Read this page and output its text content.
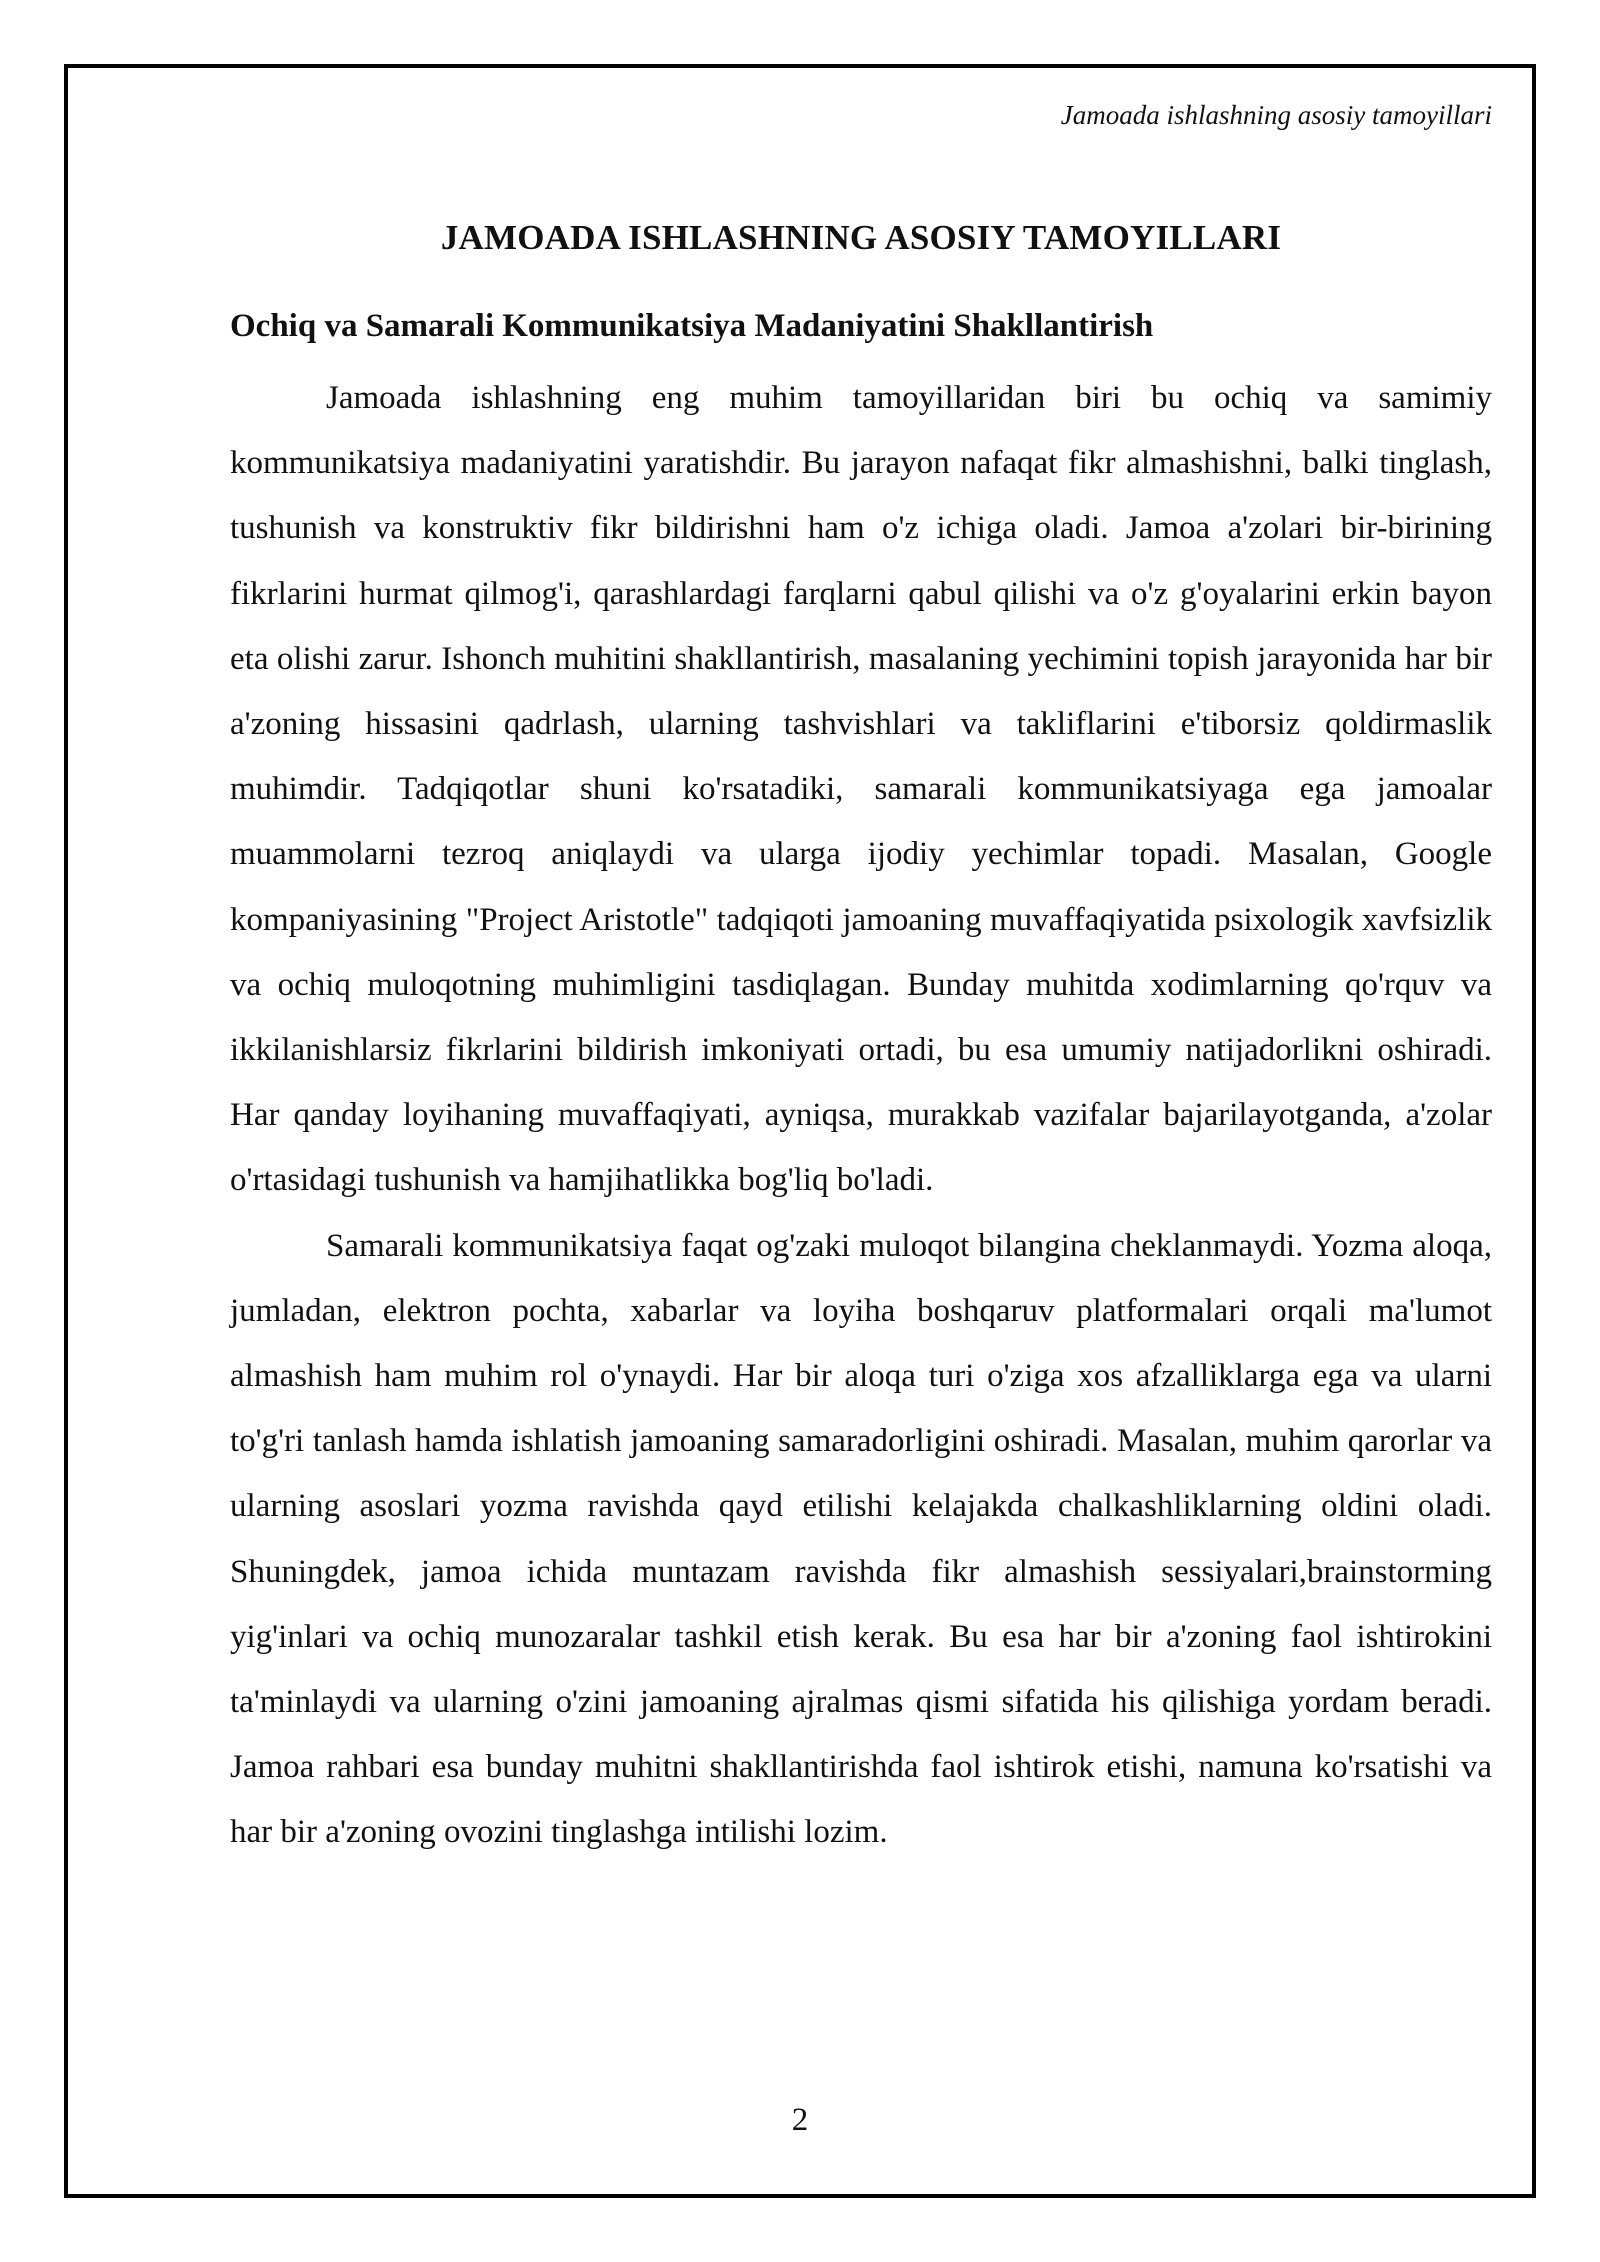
Jamoada ishlashning asosiy tamoyillari
JAMOADA ISHLASHNING ASOSIY TAMOYILLARI
Ochiq va Samarali Kommunikatsiya Madaniyatini Shakllantirish

Jamoada ishlashning eng muhim tamoyillaridan biri bu ochiq va samimiy kommunikatsiya madaniyatini yaratishdir. Bu jarayon nafaqat fikr almashishni, balki tinglash, tushunish va konstruktiv fikr bildirishni ham o'z ichiga oladi. Jamoa a'zolari bir-birining fikrlarini hurmat qilmog'i, qarashlardagi farqlarni qabul qilishi va o'z g'oyalarini erkin bayon eta olishi zarur. Ishonch muhitini shakllantirish, masalaning yechimini topish jarayonida har bir a'zoning hissasini qadrlash, ularning tashvishlari va takliflarini e'tiborsiz qoldirmaslik muhimdir. Tadqiqotlar shuni ko'rsatadiki, samarali kommunikatsiyaga ega jamoalar muammolarni tezroq aniqlaydi va ularga ijodiy yechimlar topadi. Masalan, Google kompaniyasining "Project Aristotle" tadqiqoti jamoaning muvaffaqiyatida psixologik xavfsizlik va ochiq muloqotning muhimligini tasdiqlagan. Bunday muhitda xodimlarning qo'rquv va ikkilanishlarsiz fikrlarini bildirish imkoniyati ortadi, bu esa umumiy natijadorlikni oshiradi. Har qanday loyihaning muvaffaqiyati, ayniqsa, murakkab vazifalar bajarilayotganda, a'zolar o'rtasidagi tushunish va hamjihatlikka bog'liq bo'ladi.

Samarali kommunikatsiya faqat og'zaki muloqot bilangina cheklanmaydi. Yozma aloqa, jumladan, elektron pochta, xabarlar va loyiha boshqaruv platformalari orqali ma'lumot almashish ham muhim rol o'ynaydi. Har bir aloqa turi o'ziga xos afzalliklarga ega va ularni to'g'ri tanlash hamda ishlatish jamoaning samaradorligini oshiradi. Masalan, muhim qarorlar va ularning asoslari yozma ravishda qayd etilishi kelajakda chalkashliklarning oldini oladi. Shuningdek, jamoa ichida muntazam ravishda fikr almashish sessiyalari,brainstorming yig'inlari va ochiq munozaralar tashkil etish kerak. Bu esa har bir a'zoning faol ishtirokini ta'minlaydi va ularning o'zini jamoaning ajralmas qismi sifatida his qilishiga yordam beradi. Jamoa rahbari esa bunday muhitni shakllantirishda faol ishtirok etishi, namuna ko'rsatishi va har bir a'zoning ovozini tinglashga intilishi lozim.

2
